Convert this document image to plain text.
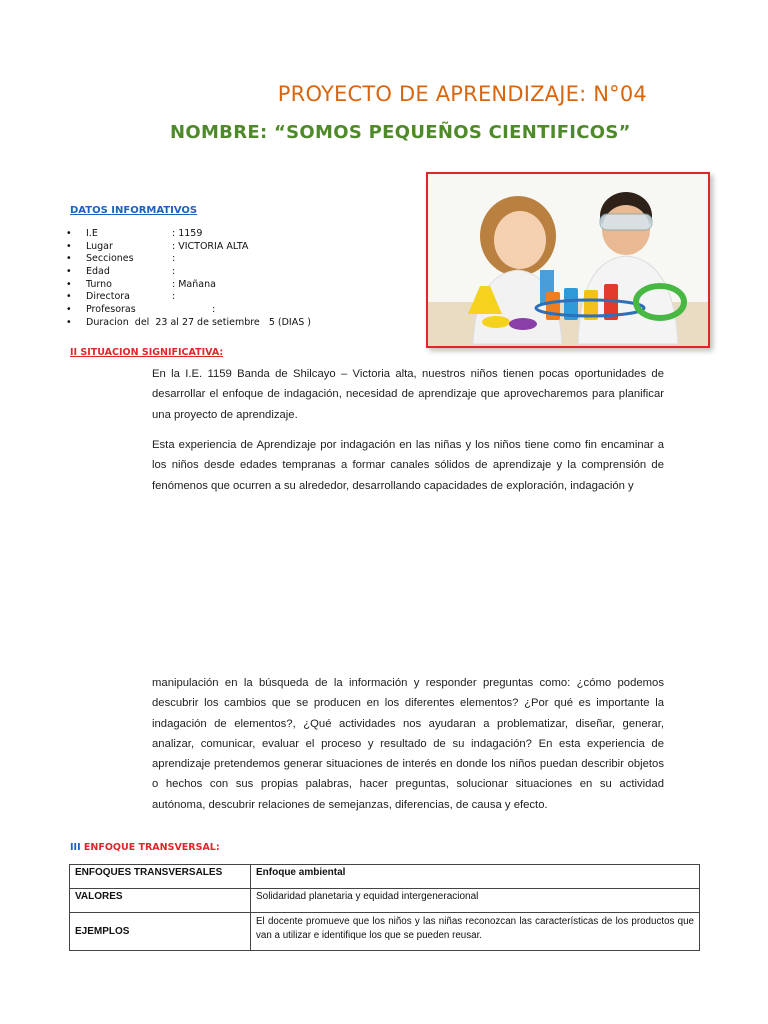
PROYECTO DE APRENDIZAJE: N°04
NOMBRE: “SOMOS PEQUEÑOS CIENTIFICOS”
DATOS INFORMATIVOS
• I.E	: 1159
• Lugar	: VICTORIA ALTA
• Secciones	:
• Edad	:
• Turno	: Mañana
• Directora	:
• Profesoras	:
• Duracion  del  23 al 27 de setiembre   5 (DIAS )
II SITUACION SIGNIFICATIVA:
En la I.E. 1159 Banda de Shilcayo – Victoria alta, nuestros niños tienen pocas oportunidades de desarrollar el enfoque de indagación, necesidad de aprendizaje que aprovecharemos para planificar una proyecto de aprendizaje.
Esta experiencia de Aprendizaje por indagación en las niñas y los niños tiene como fin encaminar a los niños desde edades tempranas a formar canales sólidos de aprendizaje y la comprensión de fenómenos que ocurren a su alrededor, desarrollando capacidades de exploración, indagación y
manipulación en la búsqueda de la información y responder preguntas como: ¿cómo podemos descubrir los cambios que se producen en los diferentes elementos? ¿Por qué es importante la indagación de elementos?, ¿Qué actividades nos ayudaran a problematizar, diseñar, generar, analizar, comunicar, evaluar el proceso y resultado de su indagación? En esta experiencia de aprendizaje pretendemos generar situaciones de interés en donde los niños puedan describir objetos o hechos con sus propias palabras, hacer preguntas, solucionar situaciones en su actividad autónoma, descubrir relaciones de semejanzas, diferencias, de causa y efecto.
III ENFOQUE TRANSVERSAL:
ENFOQUES TRANSVERSALES	Enfoque ambiental
VALORES	Solidaridad planetaria y equidad intergeneracional
EJEMPLOS	El docente promueve que los niños y las niñas reconozcan las características de los productos que van a utilizar e identifique los que se pueden reusar.
